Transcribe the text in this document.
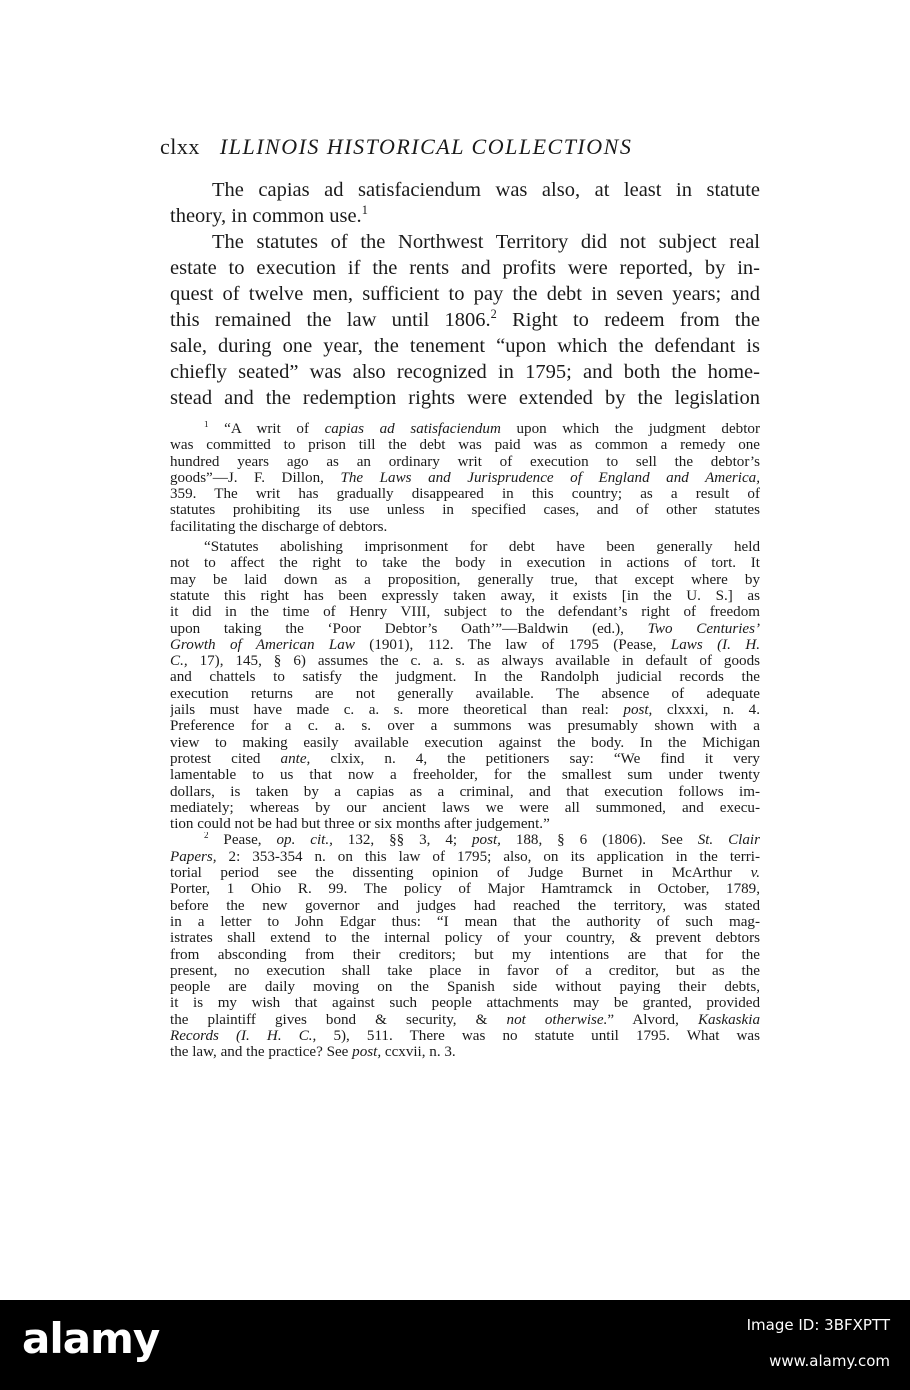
clxx ILLINOIS HISTORICAL COLLECTIONS
The capias ad satisfaciendum was also, at least in statute
theory, in common use.$^1$
The statutes of the Northwest Territory did not subject real
estate to execution if the rents and profits were reported, by in-
quest of twelve men, sufficient to pay the debt in seven years; and
this remained the law until 1806.$^2$ Right to redeem from the
sale, during one year, the tenement “upon which the defendant is
chiefly seated” was also recognized in 1795; and both the home-
stead and the redemption rights were extended by the legislation
$^1$ “A writ of capias ad satisfaciendum upon which the judgment debtor
was committed to prison till the debt was paid was as common a remedy one
hundred years ago as an ordinary writ of execution to sell the debtor’s
goods”—J. F. Dillon, The Laws and Jurisprudence of England and America,
359. The writ has gradually disappeared in this country; as a result of
statutes prohibiting its use unless in specified cases, and of other statutes
facilitating the discharge of debtors.
“Statutes abolishing imprisonment for debt have been generally held
not to affect the right to take the body in execution in actions of tort. It
may be laid down as a proposition, generally true, that except where by
statute this right has been expressly taken away, it exists [in the U. S.] as
it did in the time of Henry VIII, subject to the defendant’s right of freedom
upon taking the ‘Poor Debtor’s Oath’”—Baldwin (ed.), Two Centuries’
Growth of American Law (1901), 112. The law of 1795 (Pease, Laws (I. H.
C., 17), 145, § 6) assumes the c. a. s. as always available in default of goods
and chattels to satisfy the judgment. In the Randolph judicial records the
execution returns are not generally available. The absence of adequate
jails must have made c. a. s. more theoretical than real: post, clxxxi, n. 4.
Preference for a c. a. s. over a summons was presumably shown with a
view to making easily available execution against the body. In the Michigan
protest cited ante, clxix, n. 4, the petitioners say: “We find it very
lamentable to us that now a freeholder, for the smallest sum under twenty
dollars, is taken by a capias as a criminal, and that execution follows im-
mediately; whereas by our ancient laws we were all summoned, and execu-
tion could not be had but three or six months after judgement.”
$^2$ Pease, op. cit., 132, §§ 3, 4; post, 188, § 6 (1806). See St. Clair
Papers, 2: 353-354 n. on this law of 1795; also, on its application in the terri-
torial period see the dissenting opinion of Judge Burnet in McArthur v.
Porter, 1 Ohio R. 99. The policy of Major Hamtramck in October, 1789,
before the new governor and judges had reached the territory, was stated
in a letter to John Edgar thus: “I mean that the authority of such mag-
istrates shall extend to the internal policy of your country, & prevent debtors
from absconding from their creditors; but my intentions are that for the
present, no execution shall take place in favor of a creditor, but as the
people are daily moving on the Spanish side without paying their debts,
it is my wish that against such people attachments may be granted, provided
the plaintiff gives bond & security, & not otherwise.” Alvord, Kaskaskia
Records (I. H. C., 5), 511. There was no statute until 1795. What was
the law, and the practice? See post, ccxvii, n. 3.
alamy	Image ID: 3BFXPTT
www.alamy.com
